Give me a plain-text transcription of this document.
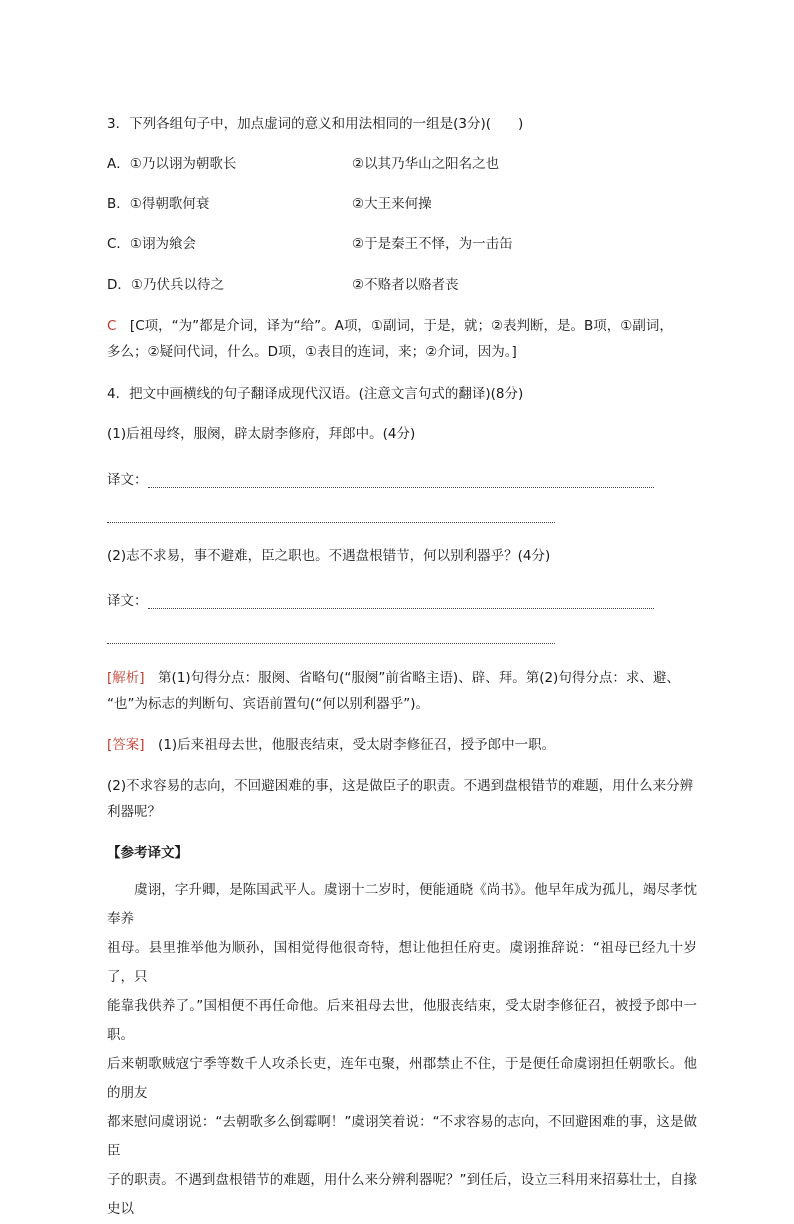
3．下列各组句子中，加点虚词的意义和用法相同的一组是(3分)(　　)
A．①乃以诩为朝歌长	②以其乃华山之阳名之也
B．①得朝歌何衰	②大王来何操
C．①诩为飨会	②于是秦王不怿，为一击缶
D．①乃伏兵以待之	②不赂者以赂者丧
C　[C项，“为”都是介词，译为“给”。A项，①副词，于是，就；②表判断，是。B项，①副词，
多么；②疑问代词，什么。D项，①表目的连词，来；②介词，因为。]
4．把文中画横线的句子翻译成现代汉语。(注意文言句式的翻译)(8分)
(1)后祖母终，服阕，辟太尉李修府，拜郎中。(4分)
译文：
(2)志不求易，事不避难，臣之职也。不遇盘根错节，何以别利器乎？(4分)
译文：
[解析]　第(1)句得分点：服阕、省略句(“服阕”前省略主语)、辟、拜。第(2)句得分点：求、避、
“也”为标志的判断句、宾语前置句(“何以别利器乎”)。
[答案]　(1)后来祖母去世，他服丧结束，受太尉李修征召，授予郎中一职。
(2)不求容易的志向，不回避困难的事，这是做臣子的职责。不遇到盘根错节的难题，用什么来分辨
利器呢？
【参考译文】
　　虞诩，字升卿，是陈国武平人。虞诩十二岁时，便能通晓《尚书》。他早年成为孤儿，竭尽孝忱奉养
祖母。县里推举他为顺孙，国相觉得他很奇特，想让他担任府吏。虞诩推辞说：“祖母已经九十岁了，只
能靠我供养了。”国相便不再任命他。后来祖母去世，他服丧结束，受太尉李修征召，被授予郎中一职。
后来朝歌贼寇宁季等数千人攻杀长吏，连年屯聚，州郡禁止不住，于是便任命虞诩担任朝歌长。他的朋友
都来慰问虞诩说：“去朝歌多么倒霉啊！”虞诩笑着说：“不求容易的志向，不回避困难的事，这是做臣
子的职责。不遇到盘根错节的难题，用什么来分辨利器呢？”到任后，设立三科用来招募壮士，自掾史以
